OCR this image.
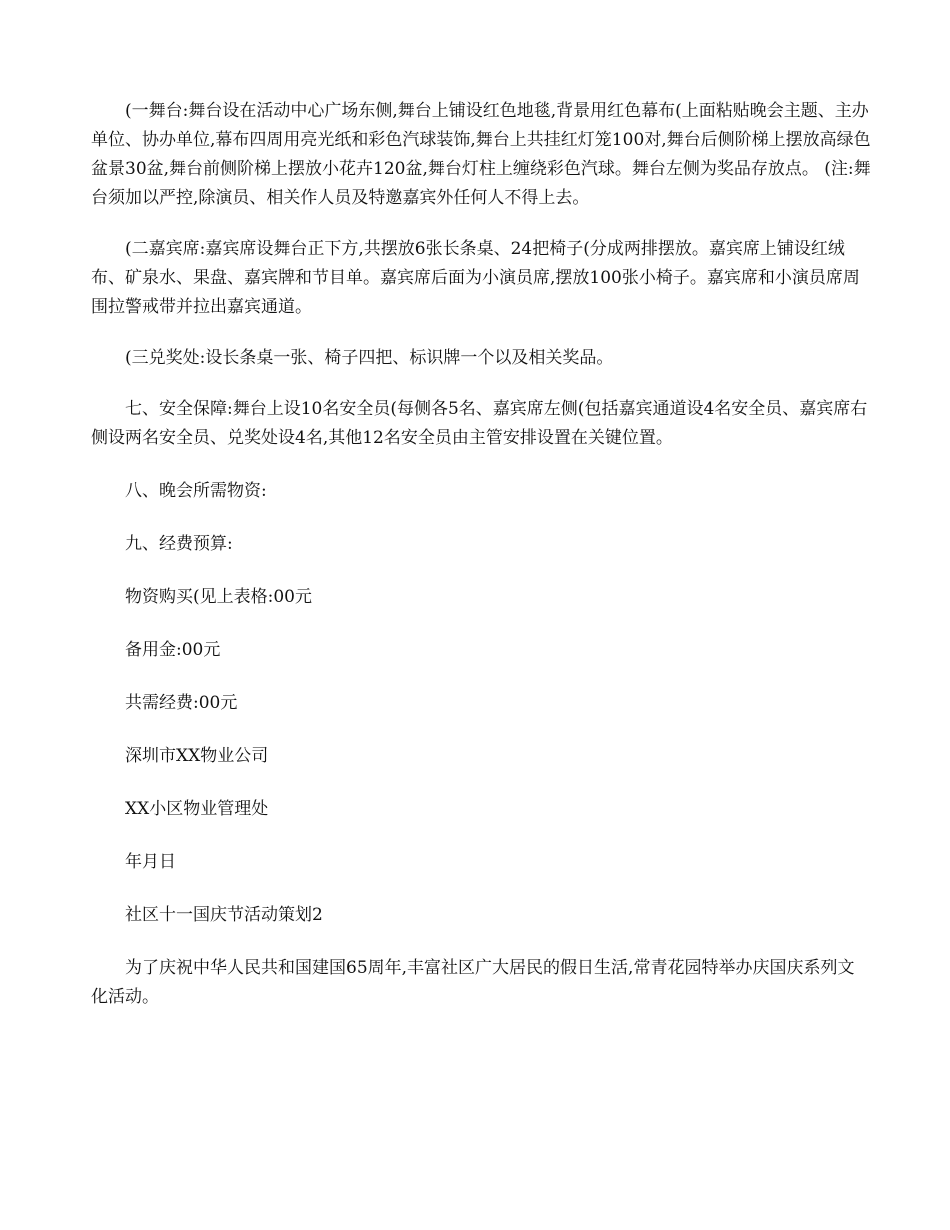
(一舞台:舞台设在活动中心广场东侧,舞台上铺设红色地毯,背景用红色幕布(上面粘贴晚会主题、主办单位、协办单位,幕布四周用亮光纸和彩色汽球装饰,舞台上共挂红灯笼100对,舞台后侧阶梯上摆放高绿色盆景30盆,舞台前侧阶梯上摆放小花卉120盆,舞台灯柱上缠绕彩色汽球。舞台左侧为奖品存放点。 (注:舞台须加以严控,除演员、相关作人员及特邀嘉宾外任何人不得上去。

(二嘉宾席:嘉宾席设舞台正下方,共摆放6张长条桌、24把椅子(分成两排摆放。嘉宾席上铺设红绒布、矿泉水、果盘、嘉宾牌和节目单。嘉宾席后面为小演员席,摆放100张小椅子。嘉宾席和小演员席周围拉警戒带并拉出嘉宾通道。

(三兑奖处:设长条桌一张、椅子四把、标识牌一个以及相关奖品。

七、安全保障:舞台上设10名安全员(每侧各5名、嘉宾席左侧(包括嘉宾通道设4名安全员、嘉宾席右侧设两名安全员、兑奖处设4名,其他12名安全员由主管安排设置在关键位置。

八、晚会所需物资:

九、经费预算:

物资购买(见上表格:00元

备用金:00元

共需经费:00元

深圳市XX物业公司

XX小区物业管理处

年月日

社区十一国庆节活动策划2

为了庆祝中华人民共和国建国65周年,丰富社区广大居民的假日生活,常青花园特举办庆国庆系列文化活动。
